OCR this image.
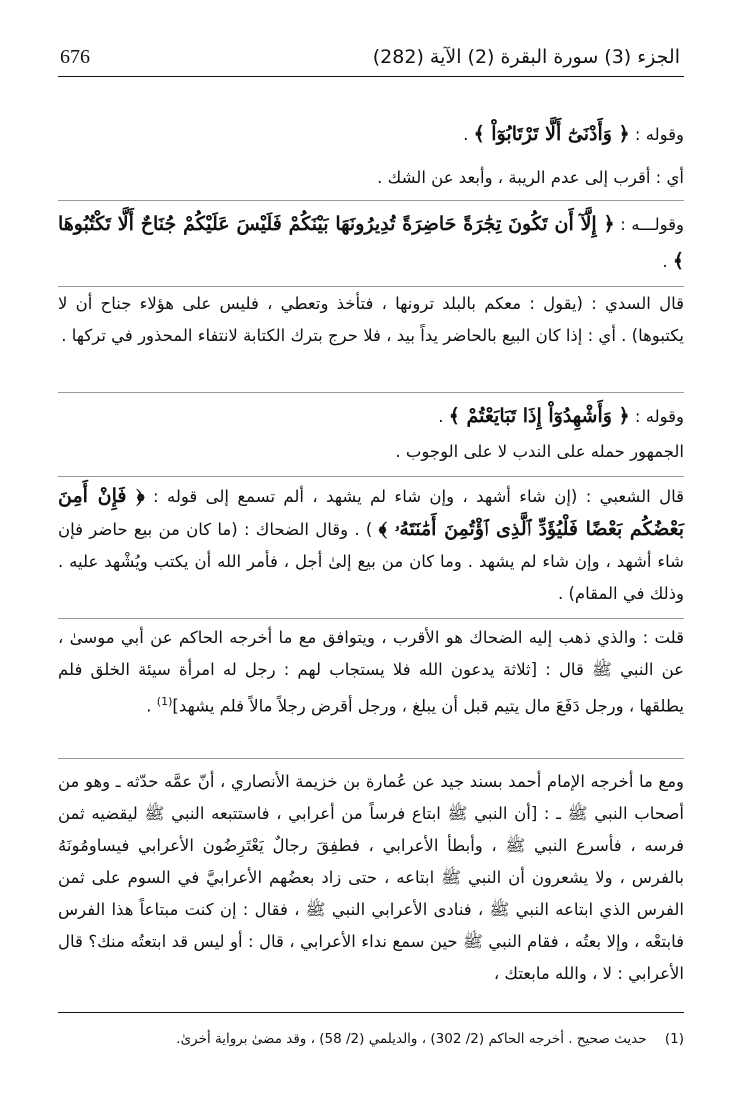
676	الجزء (3) سورة البقرة (2) الآية (282)

وقوله : ﴿ وَأَدْنَىٰٓ أَلَّا تَرْتَابُوٓاْ ﴾ .

أي : أقرب إلى عدم الريبة ، وأبعد عن الشك .

وقولـــه : ﴿ إِلَّآ أَن تَكُونَ تِجَٰرَةً حَاضِرَةً تُدِيرُونَهَا بَيْنَكُمْ فَلَيْسَ عَلَيْكُمْ جُنَاحٌ أَلَّا تَكْتُبُوهَا ﴾ .

قال السدي : (يقول : معكم بالبلد ترونها ، فتأخذ وتعطي ، فليس على هؤلاء جناح أن لا يكتبوها) . أي : إذا كان البيع بالحاضر يداً بيد ، فلا حرج بترك الكتابة لانتفاء المحذور في تركها .

وقوله : ﴿ وَأَشْهِدُوٓاْ إِذَا تَبَايَعْتُمْ ﴾ .

الجمهور حمله على الندب لا على الوجوب .

قال الشعبي : (إن شاء أشهد ، وإن شاء لم يشهد ، ألم تسمع إلى قوله : ﴿ فَإِنْ أَمِنَ بَعْضُكُم بَعْضًا فَلْيُؤَدِّ ٱلَّذِى ٱؤْتُمِنَ أَمَٰنَتَهُۥ ﴾ ) . وقال الضحاك : (ما كان من بيع حاضر فإن شاء أشهد ، وإن شاء لم يشهد . وما كان من بيع إلىٰ أجل ، فأمر الله أن يكتب ويُشْهد عليه . وذلك في المقام) .

قلت : والذي ذهب إليه الضحاك هو الأقرب ، ويتوافق مع ما أخرجه الحاكم عن أبي موسىٰ ، عن النبي ﷺ قال : [ثلاثة يدعون الله فلا يستجاب لهم : رجل له امرأة سيئة الخلق فلم يطلقها ، ورجل دَفَعَ مال يتيم قبل أن يبلغ ، ورجل أقرض رجلاً مالاً فلم يشهد]$^{(1)}$ .

ومع ما أخرجه الإمام أحمد بسند جيد عن عُمارة بن خزيمة الأنصاري ، أنّ عمَّه حدّثه ـ وهو من أصحاب النبي ﷺ ـ : [أن النبي ﷺ ابتاع فرساً من أعرابي ، فاستتبعه النبي ﷺ ليقضيه ثمن فرسه ، فأسرع النبي ﷺ ، وأبطأ الأعرابي ، فطفِقَ رجالٌ يَعْتَرِضُون الأعرابي فيساومُونَهُ بالفرس ، ولا يشعرون أن النبي ﷺ ابتاعه ، حتى زاد بعضُهم الأعرابيَّ في السوم على ثمن الفرس الذي ابتاعه النبي ﷺ ، فنادى الأعرابي النبي ﷺ ، فقال : إن كنت مبتاعاً هذا الفرس فابتعْه ، وإلا بعتُه ، فقام النبي ﷺ حين سمع نداء الأعرابي ، قال : أو ليس قد ابتعتُه منك؟ قال الأعرابي : لا ، والله مابعتك ،

(1) حديث صحيح . أخرجه الحاكم (2/ 302) ، والديلمي (2/ 58) ، وقد مضىٰ برواية أخرىٰ.
